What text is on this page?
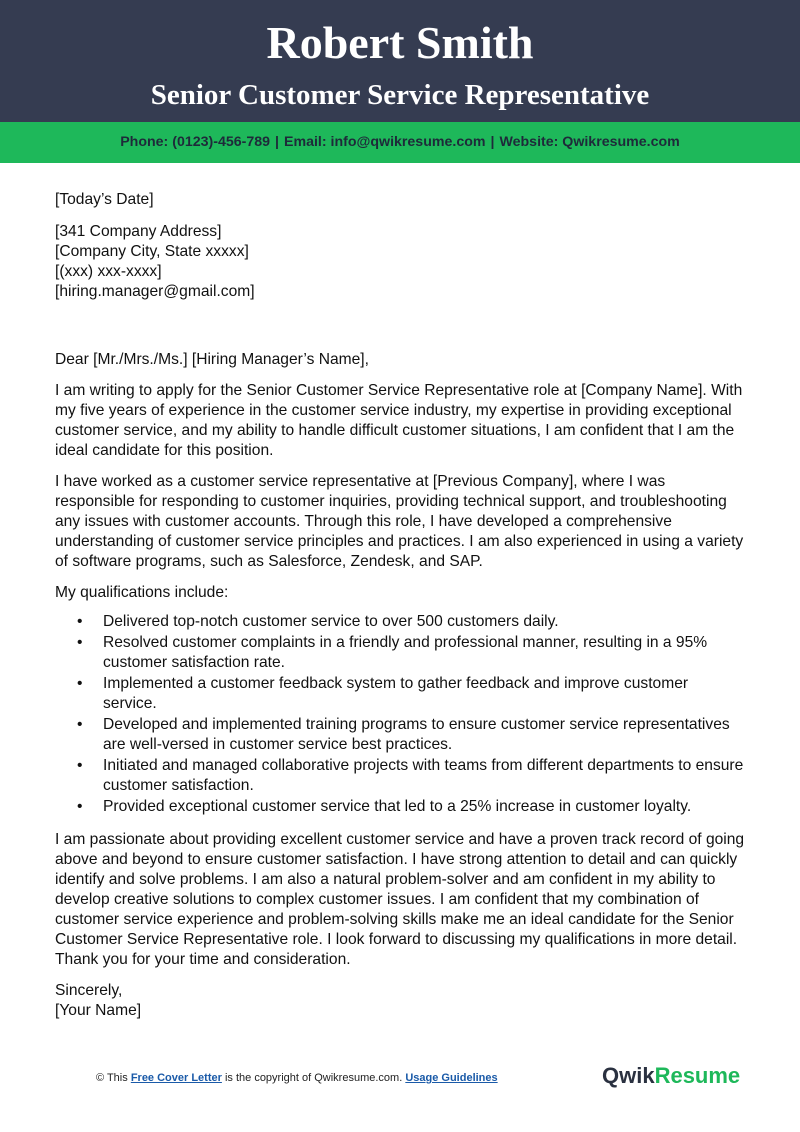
Robert Smith
Senior Customer Service Representative
Phone: (0123)-456-789 | Email: info@qwikresume.com | Website: Qwikresume.com
[Today’s Date]
[341 Company Address]
[Company City, State xxxxx]
[(xxx) xxx-xxxx]
[hiring.manager@gmail.com]
Dear [Mr./Mrs./Ms.] [Hiring Manager’s Name],
I am writing to apply for the Senior Customer Service Representative role at [Company Name]. With my five years of experience in the customer service industry, my expertise in providing exceptional customer service, and my ability to handle difficult customer situations, I am confident that I am the ideal candidate for this position.
I have worked as a customer service representative at [Previous Company], where I was responsible for responding to customer inquiries, providing technical support, and troubleshooting any issues with customer accounts. Through this role, I have developed a comprehensive understanding of customer service principles and practices. I am also experienced in using a variety of software programs, such as Salesforce, Zendesk, and SAP.
My qualifications include:
• Delivered top-notch customer service to over 500 customers daily.
• Resolved customer complaints in a friendly and professional manner, resulting in a 95% customer satisfaction rate.
• Implemented a customer feedback system to gather feedback and improve customer service.
• Developed and implemented training programs to ensure customer service representatives are well-versed in customer service best practices.
• Initiated and managed collaborative projects with teams from different departments to ensure customer satisfaction.
• Provided exceptional customer service that led to a 25% increase in customer loyalty.
I am passionate about providing excellent customer service and have a proven track record of going above and beyond to ensure customer satisfaction. I have strong attention to detail and can quickly identify and solve problems. I am also a natural problem-solver and am confident in my ability to develop creative solutions to complex customer issues. I am confident that my combination of customer service experience and problem-solving skills make me an ideal candidate for the Senior Customer Service Representative role. I look forward to discussing my qualifications in more detail. Thank you for your time and consideration.
Sincerely,
[Your Name]
© This Free Cover Letter is the copyright of Qwikresume.com. Usage Guidelines	QwikResume
